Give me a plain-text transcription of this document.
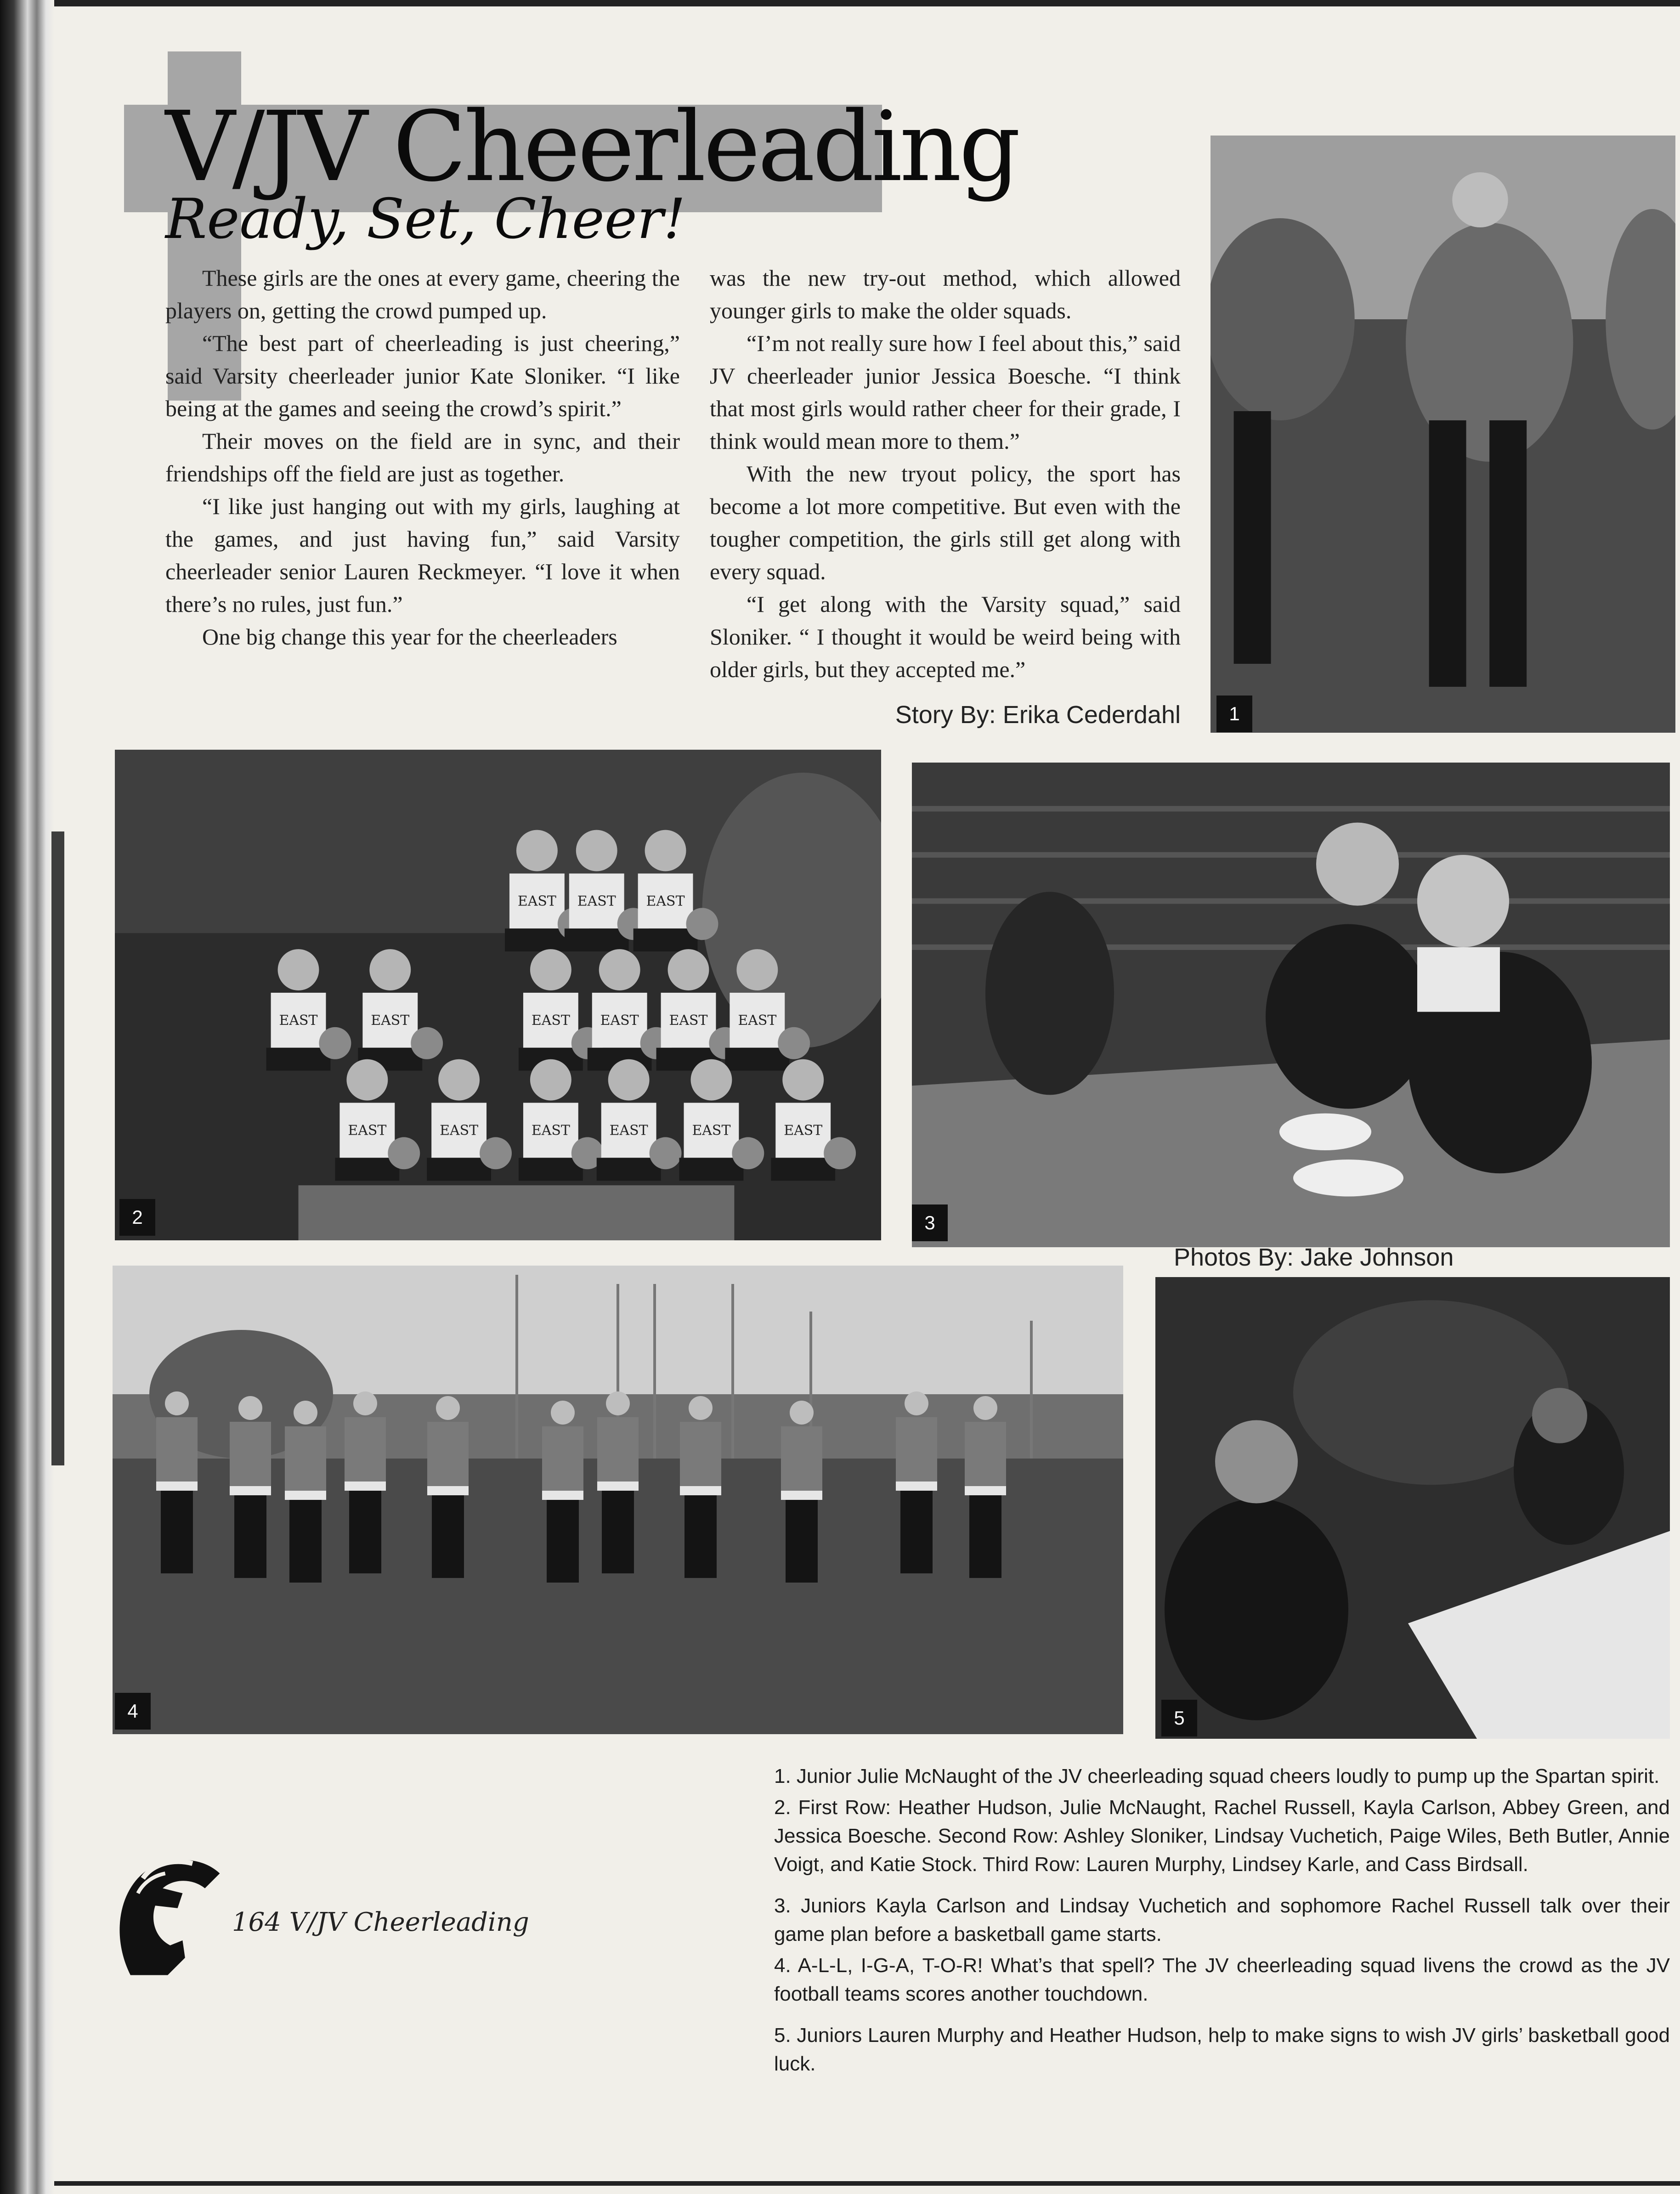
V/JV Cheerleading
Ready, Set, Cheer!

These girls are the ones at every game, cheering the players on, getting the crowd pumped up.

“The best part of cheerleading is just cheering,” said Varsity cheerleader junior Kate Sloniker. “I like being at the games and seeing the crowd’s spirit.”

Their moves on the field are in sync, and their friendships off the field are just as together.

“I like just hanging out with my girls, laughing at the games, and just having fun,” said Varsity cheerleader senior Lauren Reckmeyer. “I love it when there’s no rules, just fun.”

One big change this year for the cheerleaders

was the new try-out method, which allowed younger girls to make the older squads.

“I’m not really sure how I feel about this,” said JV cheerleader junior Jessica Boesche. “I think that most girls would rather cheer for their grade, I think would mean more to them.”

With the new tryout policy, the sport has become a lot more competitive. But even with the tougher competition, the girls still get along with every squad.

“I get along with the Varsity squad,” said Sloniker. “ I thought it would be weird being with older girls, but they accepted me.”

Story By: Erika Cederdahl	1
EAST	EAST	EAST
EAST	EAST	EAST	EAST	EAST	EAST
EAST	EAST	EAST	EAST	EAST	EAST
2	3
Photos By: Jake Johnson
4	5

1. Junior Julie McNaught of the JV cheerleading squad cheers loudly to pump up the Spartan spirit.

2. First Row: Heather Hudson, Julie McNaught, Rachel Russell, Kayla Carlson, Abbey Green, and Jessica Boesche. Second Row: Ashley Sloniker, Lindsay Vuchetich, Paige Wiles, Beth Butler, Annie Voigt, and Katie Stock. Third Row: Lauren Murphy, Lindsey Karle, and Cass Birdsall.

3. Juniors Kayla Carlson and Lindsay Vuchetich and sophomore Rachel Russell talk over their game plan before a basketball game starts.

4. A-L-L, I-G-A, T-O-R! What’s that spell? The JV cheerleading squad livens the crowd as the JV football teams scores another touchdown.

5. Juniors Lauren Murphy and Heather Hudson, help to make signs to wish JV girls’ basketball good luck.

164 V/JV Cheerleading
